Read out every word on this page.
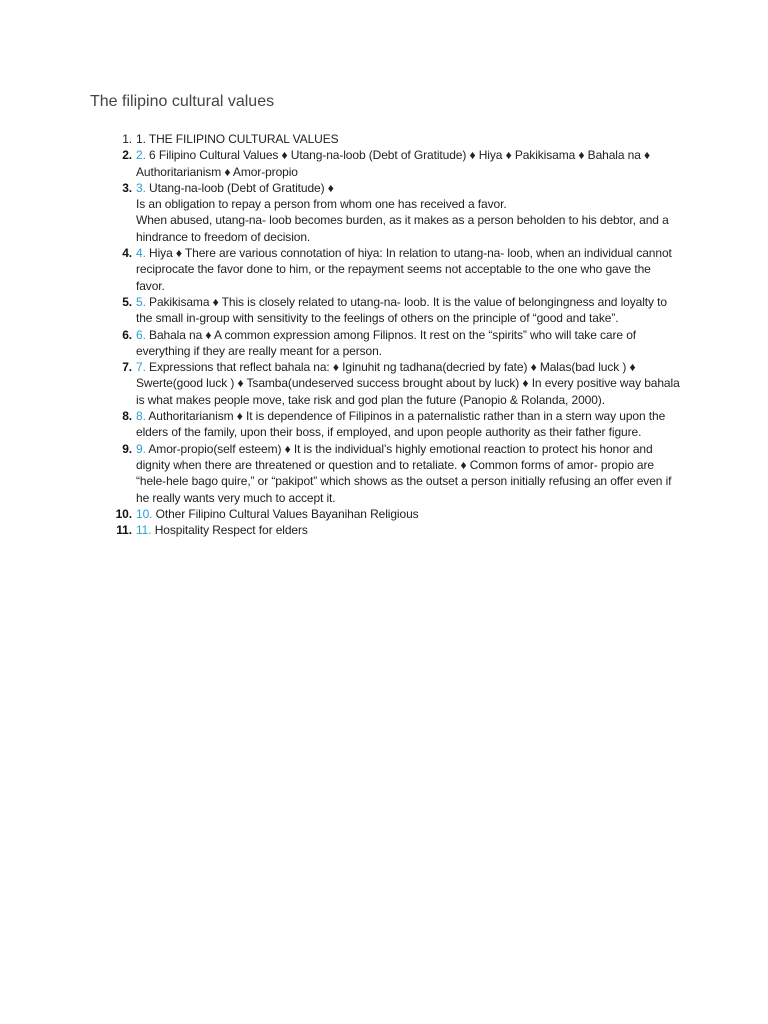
The filipino cultural values
1. 1. THE FILIPINO CULTURAL VALUES
2. 2. 6 Filipino Cultural Values ♦ Utang-na-loob (Debt of Gratitude) ♦ Hiya ♦ Pakikisama ♦ Bahala na ♦ Authoritarianism ♦ Amor-propio
3. 3. Utang-na-loob (Debt of Gratitude) ♦
Is an obligation to repay a person from whom one has received a favor.
When abused, utang-na- loob becomes burden, as it makes as a person beholden to his debtor, and a hindrance to freedom of decision.
4. 4. Hiya ♦ There are various connotation of hiya: In relation to utang-na- loob, when an individual cannot reciprocate the favor done to him, or the repayment seems not acceptable to the one who gave the favor.
5. 5. Pakikisama ♦ This is closely related to utang-na- loob. It is the value of belongingness and loyalty to the small in-group with sensitivity to the feelings of others on the principle of “good and take”.
6. 6. Bahala na ♦ A common expression among Filipnos. It rest on the “spirits” who will take care of everything if they are really meant for a person.
7. 7. Expressions that reflect bahala na: ♦ Iginuhit ng tadhana(decried by fate) ♦ Malas(bad luck ) ♦ Swerte(good luck ) ♦ Tsamba(undeserved success brought about by luck) ♦ In every positive way bahala is what makes people move, take risk and god plan the future (Panopio & Rolanda, 2000).
8. 8. Authoritarianism ♦ It is dependence of Filipinos in a paternalistic rather than in a stern way upon the elders of the family, upon their boss, if employed, and upon people authority as their father figure.
9. 9. Amor-propio(self esteem) ♦ It is the individual’s highly emotional reaction to protect his honor and dignity when there are threatened or question and to retaliate. ♦ Common forms of amor- propio are “hele-hele bago quire,” or “pakipot” which shows as the outset a person initially refusing an offer even if he really wants very much to accept it.
10. 10. Other Filipino Cultural Values Bayanihan Religious
11. 11. Hospitality Respect for elders
